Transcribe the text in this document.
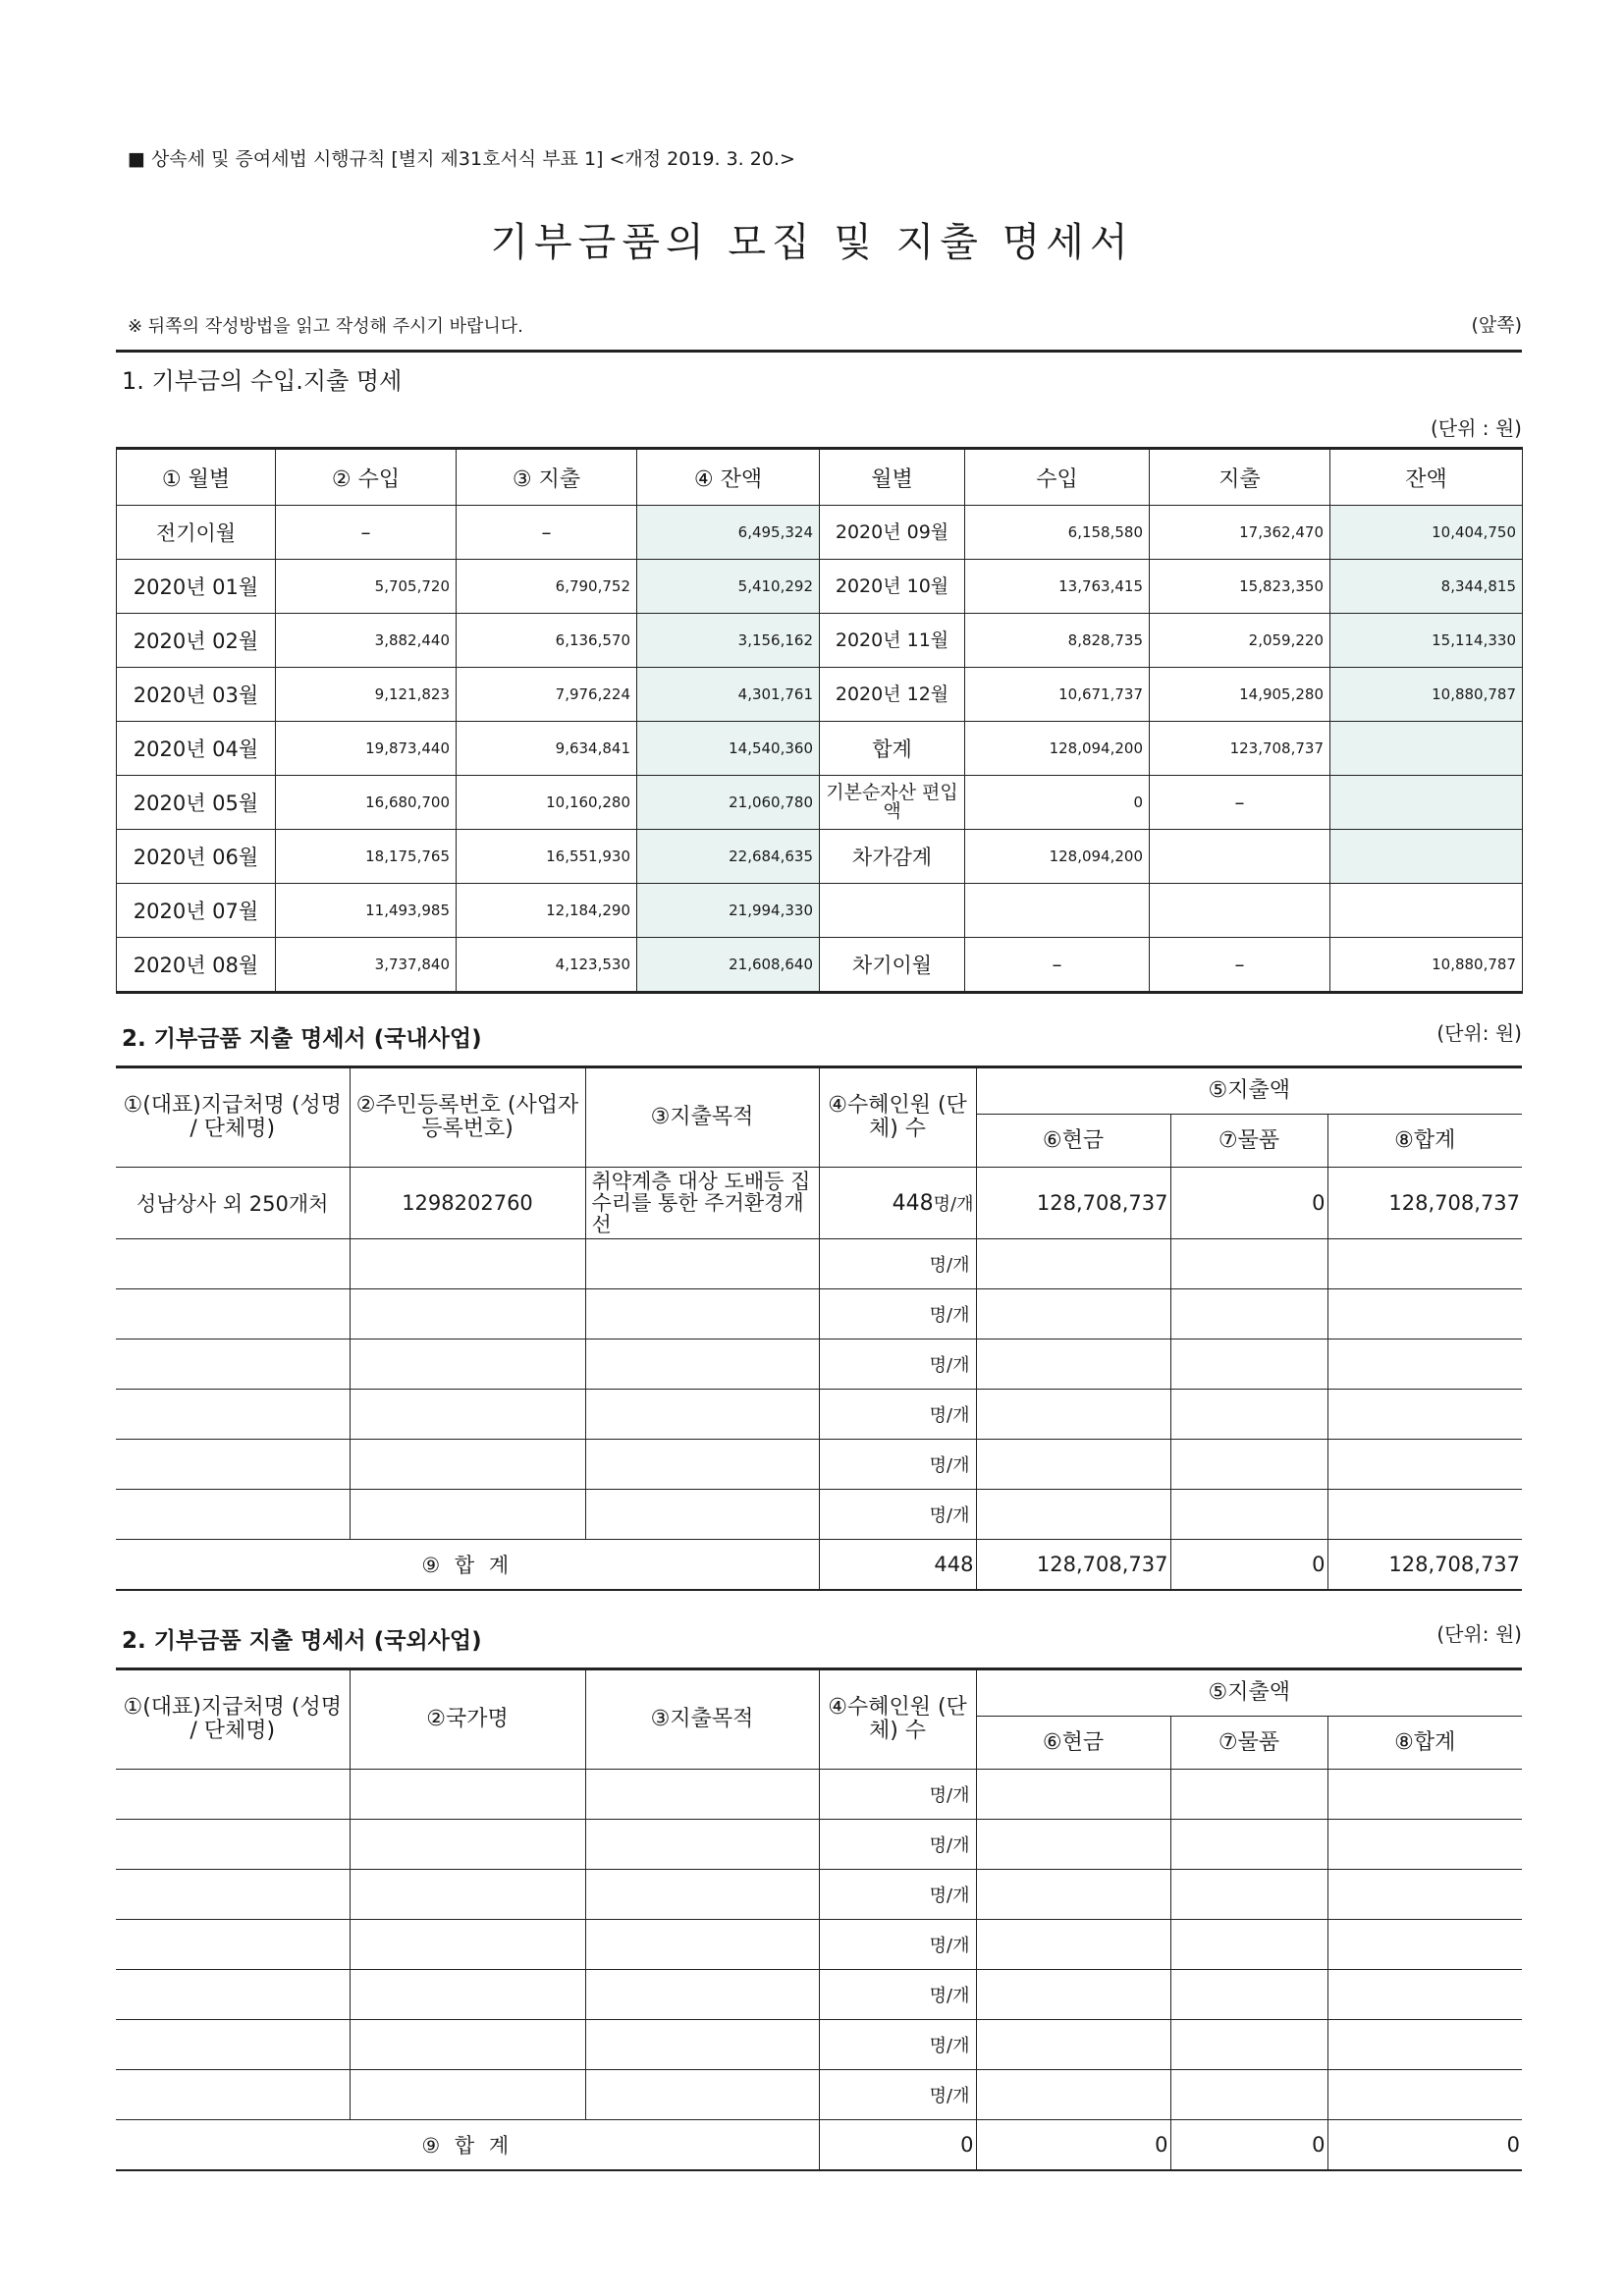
■ 상속세 및 증여세법 시행규칙 [별지 제31호서식 부표 1] <개정 2019. 3. 20.>
기부금품의 모집 및 지출 명세서
※ 뒤쪽의 작성방법을 읽고 작성해 주시기 바랍니다.	(앞쪽)
1. 기부금의 수입.지출 명세
(단위 : 원)
① 월별	② 수입	③ 지출	④ 잔액	월별	수입	지출	잔액
전기이월	–	–	6,495,324	2020년 09월	6,158,580	17,362,470	10,404,750
2020년 01월	5,705,720	6,790,752	5,410,292	2020년 10월	13,763,415	15,823,350	8,344,815
2020년 02월	3,882,440	6,136,570	3,156,162	2020년 11월	8,828,735	2,059,220	15,114,330
2020년 03월	9,121,823	7,976,224	4,301,761	2020년 12월	10,671,737	14,905,280	10,880,787
2020년 04월	19,873,440	9,634,841	14,540,360	합계	128,094,200	123,708,737	
2020년 05월	16,680,700	10,160,280	21,060,780	기본순자산 편입액	0	–	
2020년 06월	18,175,765	16,551,930	22,684,635	차가감계	128,094,200		
2020년 07월	11,493,985	12,184,290	21,994,330				
2020년 08월	3,737,840	4,123,530	21,608,640	차기이월	–	–	10,880,787
2. 기부금품 지출 명세서 (국내사업)	(단위: 원)
①(대표)지급처명 (성명 / 단체명)	②주민등록번호 (사업자등록번호)	③지출목적	④수혜인원 (단체) 수	⑤지출액		
				⑥현금	⑦물품	⑧합계
성남상사 외 250개처	1298202760	취약계층 대상 도배등 집수리를 통한 주거환경개선	448명/개	128,708,737	0	128,708,737
			명/개			
			명/개			
			명/개			
			명/개			
			명/개			
			명/개			
⑨ 합 계			448	128,708,737	0	128,708,737
2. 기부금품 지출 명세서 (국외사업)	(단위: 원)
①(대표)지급처명 (성명 / 단체명)	②국가명	③지출목적	④수혜인원 (단체) 수	⑤지출액		
				⑥현금	⑦물품	⑧합계
			명/개			
			명/개			
			명/개			
			명/개			
			명/개			
			명/개			
			명/개			
⑨ 합 계			0	0	0	0
